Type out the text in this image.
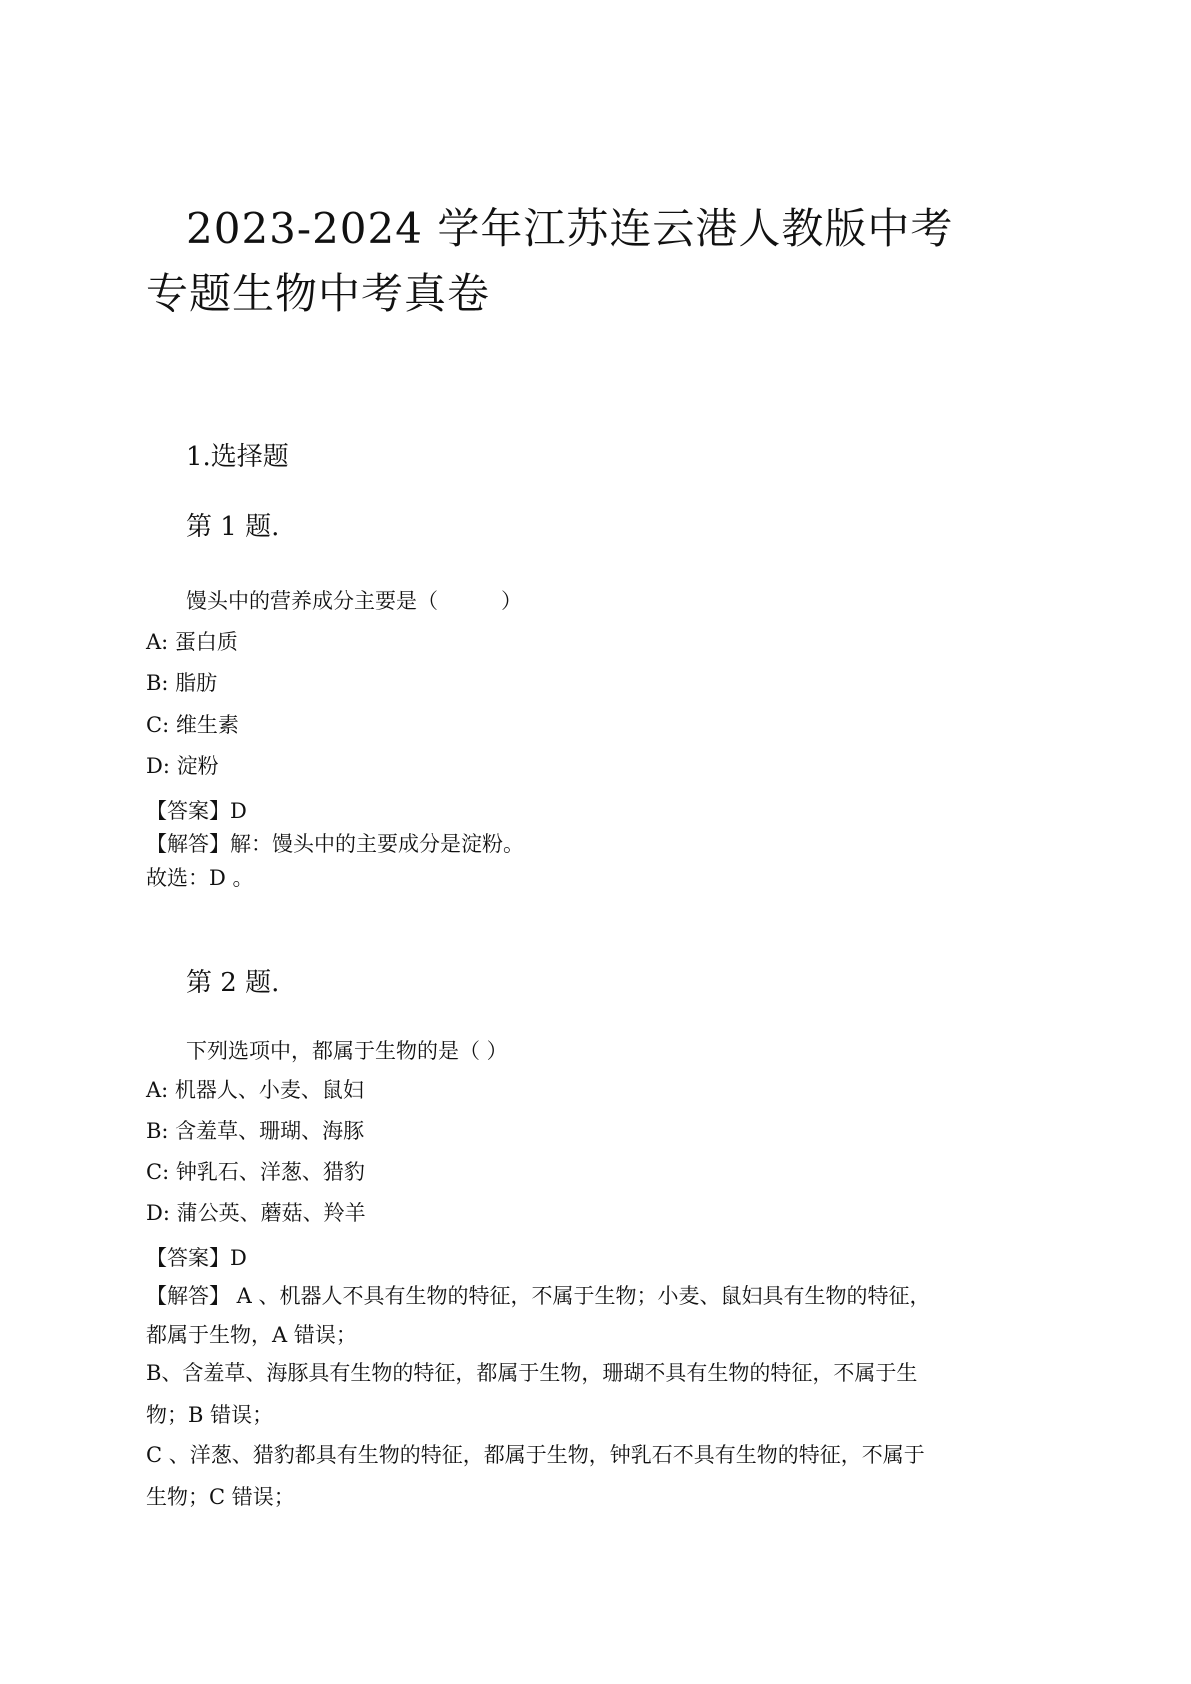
2023-2024 学年江苏连云港人教版中考
专题生物中考真卷
1.选择题
第 1 题.
馒头中的营养成分主要是（　　　）
A: 蛋白质
B: 脂肪
C: 维生素
D: 淀粉
【答案】D
【解答】解：馒头中的主要成分是淀粉。
故选：D 。
第 2 题.
下列选项中，都属于生物的是（ ）
A: 机器人、小麦、鼠妇
B: 含羞草、珊瑚、海豚
C: 钟乳石、洋葱、猎豹
D: 蒲公英、蘑菇、羚羊
【答案】D
【解答】 A 、机器人不具有生物的特征，不属于生物；小麦、鼠妇具有生物的特征，
都属于生物，A 错误；
B、含羞草、海豚具有生物的特征，都属于生物，珊瑚不具有生物的特征，不属于生
物；B 错误；
C 、洋葱、猎豹都具有生物的特征，都属于生物，钟乳石不具有生物的特征，不属于
生物；C 错误；
